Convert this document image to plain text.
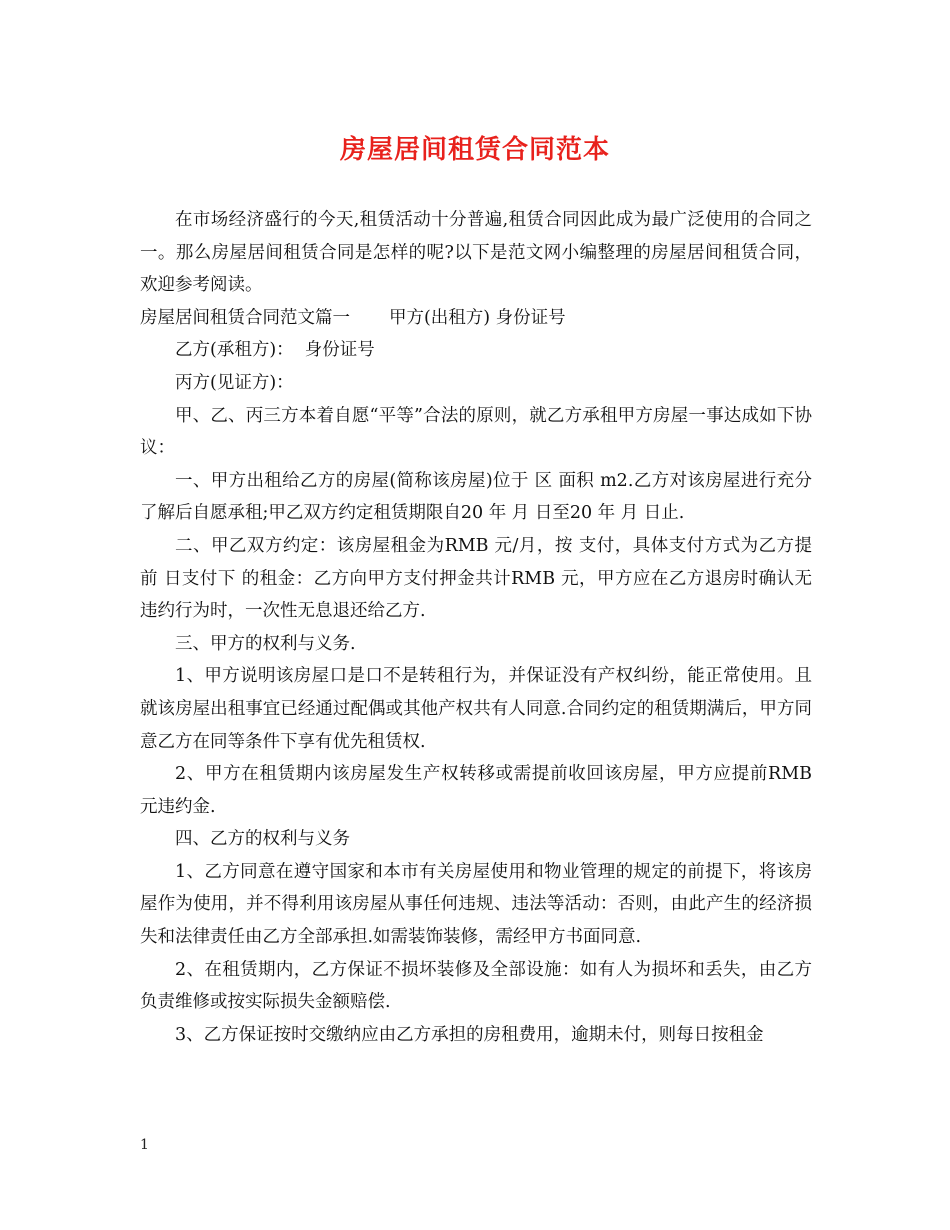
房屋居间租赁合同范本

在市场经济盛行的今天,租赁活动十分普遍,租赁合同因此成为最广泛使用的合同之一。那么房屋居间租赁合同是怎样的呢?以下是范文网小编整理的房屋居间租赁合同，欢迎参考阅读。

房屋居间租赁合同范文篇一       甲方(出租方) 身份证号

乙方(承租方)：  身份证号

丙方(见证方)：

甲、乙、丙三方本着自愿“平等”合法的原则，就乙方承租甲方房屋一事达成如下协议：

一、甲方出租给乙方的房屋(简称该房屋)位于 区 面积 m2.乙方对该房屋进行充分了解后自愿承租;甲乙双方约定租赁期限自20 年 月 日至20 年 月 日止.

二、甲乙双方约定：该房屋租金为RMB 元/月，按 支付，具体支付方式为乙方提前 日支付下 的租金：乙方向甲方支付押金共计RMB 元，甲方应在乙方退房时确认无违约行为时，一次性无息退还给乙方.

三、甲方的权利与义务.

1、甲方说明该房屋口是口不是转租行为，并保证没有产权纠纷，能正常使用。且就该房屋出租事宜已经通过配偶或其他产权共有人同意.合同约定的租赁期满后，甲方同意乙方在同等条件下享有优先租赁权.

2、甲方在租赁期内该房屋发生产权转移或需提前收回该房屋，甲方应提前RMB 元违约金.

四、乙方的权利与义务

1、乙方同意在遵守国家和本市有关房屋使用和物业管理的规定的前提下，将该房屋作为使用，并不得利用该房屋从事任何违规、违法等活动：否则，由此产生的经济损失和法律责任由乙方全部承担.如需装饰装修，需经甲方书面同意.

2、在租赁期内，乙方保证不损坏装修及全部设施：如有人为损坏和丢失，由乙方负责维修或按实际损失金额赔偿.

3、乙方保证按时交缴纳应由乙方承担的房租费用，逾期未付，则每日按租金

1
